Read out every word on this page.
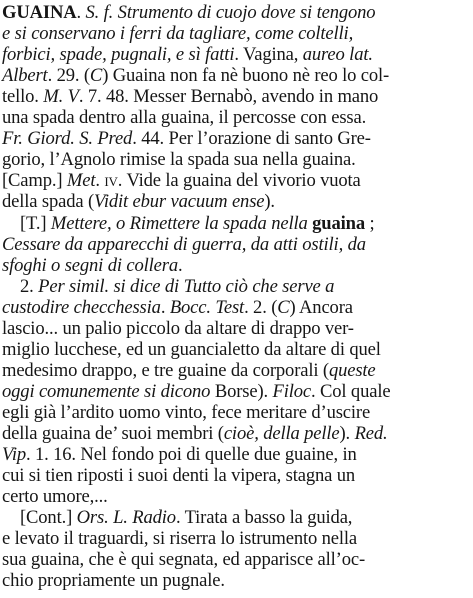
GUAINA. S. f. Strumento di cuojo dove si tengono
e si conservano i ferri da tagliare, come coltelli,
forbici, spade, pugnali, e sì fatti. Vagina, aureo lat.
Albert. 29. (C) Guaina non fa nè buono nè reo lo col-
tello. M. V. 7. 48. Messer Bernabò, avendo in mano
una spada dentro alla guaina, il percosse con essa.
Fr. Giord. S. Pred. 44. Per l’orazione di santo Gre-
gorio, l’Agnolo rimise la spada sua nella guaina.
[Camp.] Met. iv. Vide la guaina del vivorio vuota
della spada (Vidit ebur vacuum ense).
[T.] Mettere, o Rimettere la spada nella guaina ;
Cessare da apparecchi di guerra, da atti ostili, da
sfoghi o segni di collera.
2. Per simil. si dice di Tutto ciò che serve a
custodire checchessia. Bocc. Test. 2. (C) Ancora
lascio... un palio piccolo da altare di drappo ver-
miglio lucchese, ed un guancialetto da altare di quel
medesimo drappo, e tre guaine da corporali (queste
oggi comunemente si dicono Borse). Filoc. Col quale
egli già l’ardito uomo vinto, fece meritare d’uscire
della guaina de’ suoi membri (cioè, della pelle). Red.
Vip. 1. 16. Nel fondo poi di quelle due guaine, in
cui si tien riposti i suoi denti la vipera, stagna un
certo umore,...
[Cont.] Ors. L. Radio. Tirata a basso la guida,
e levato il traguardi, si riserra lo istrumento nella
sua guaina, che è qui segnata, ed apparisce all’oc-
chio propriamente un pugnale.
